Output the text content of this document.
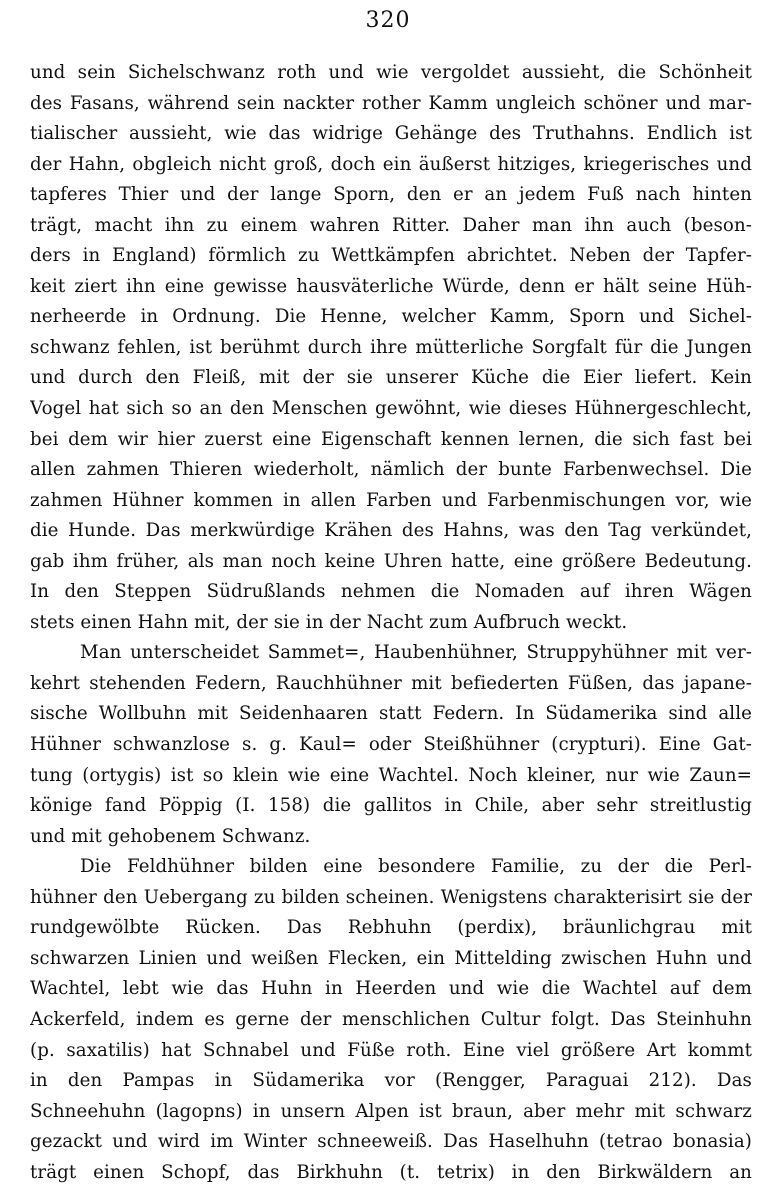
320
und sein Sichelschwanz roth und wie vergoldet aussieht, die Schönheit
des Fasans, während sein nackter rother Kamm ungleich schöner und mar-
tialischer aussieht, wie das widrige Gehänge des Truthahns. Endlich ist
der Hahn, obgleich nicht groß, doch ein äußerst hitziges, kriegerisches und
tapferes Thier und der lange Sporn, den er an jedem Fuß nach hinten
trägt, macht ihn zu einem wahren Ritter. Daher man ihn auch (beson-
ders in England) förmlich zu Wettkämpfen abrichtet. Neben der Tapfer-
keit ziert ihn eine gewisse hausväterliche Würde, denn er hält seine Hüh-
nerheerde in Ordnung. Die Henne, welcher Kamm, Sporn und Sichel-
schwanz fehlen, ist berühmt durch ihre mütterliche Sorgfalt für die Jungen
und durch den Fleiß, mit der sie unserer Küche die Eier liefert. Kein
Vogel hat sich so an den Menschen gewöhnt, wie dieses Hühnergeschlecht,
bei dem wir hier zuerst eine Eigenschaft kennen lernen, die sich fast bei
allen zahmen Thieren wiederholt, nämlich der bunte Farbenwechsel. Die
zahmen Hühner kommen in allen Farben und Farbenmischungen vor, wie
die Hunde. Das merkwürdige Krähen des Hahns, was den Tag verkündet,
gab ihm früher, als man noch keine Uhren hatte, eine größere Bedeutung.
In den Steppen Südrußlands nehmen die Nomaden auf ihren Wägen
stets einen Hahn mit, der sie in der Nacht zum Aufbruch weckt.
Man unterscheidet Sammet=, Haubenhühner, Struppyhühner mit ver-
kehrt stehenden Federn, Rauchhühner mit befiederten Füßen, das japane-
sische Wollbuhn mit Seidenhaaren statt Federn. In Südamerika sind alle
Hühner schwanzlose s. g. Kaul= oder Steißhühner (crypturi). Eine Gat-
tung (ortygis) ist so klein wie eine Wachtel. Noch kleiner, nur wie Zaun=
könige fand Pöppig (I. 158) die gallitos in Chile, aber sehr streitlustig
und mit gehobenem Schwanz.
Die Feldhühner bilden eine besondere Familie, zu der die Perl-
hühner den Uebergang zu bilden scheinen. Wenigstens charakterisirt sie der
rundgewölbte Rücken. Das Rebhuhn (perdix), bräunlichgrau mit
schwarzen Linien und weißen Flecken, ein Mittelding zwischen Huhn und
Wachtel, lebt wie das Huhn in Heerden und wie die Wachtel auf dem
Ackerfeld, indem es gerne der menschlichen Cultur folgt. Das Steinhuhn
(p. saxatilis) hat Schnabel und Füße roth. Eine viel größere Art kommt
in den Pampas in Südamerika vor (Rengger, Paraguai 212). Das
Schneehuhn (lagopns) in unsern Alpen ist braun, aber mehr mit schwarz
gezackt und wird im Winter schneeweiß. Das Haselhuhn (tetrao bonasia)
trägt einen Schopf, das Birkhuhn (t. tetrix) in den Birkwäldern an
